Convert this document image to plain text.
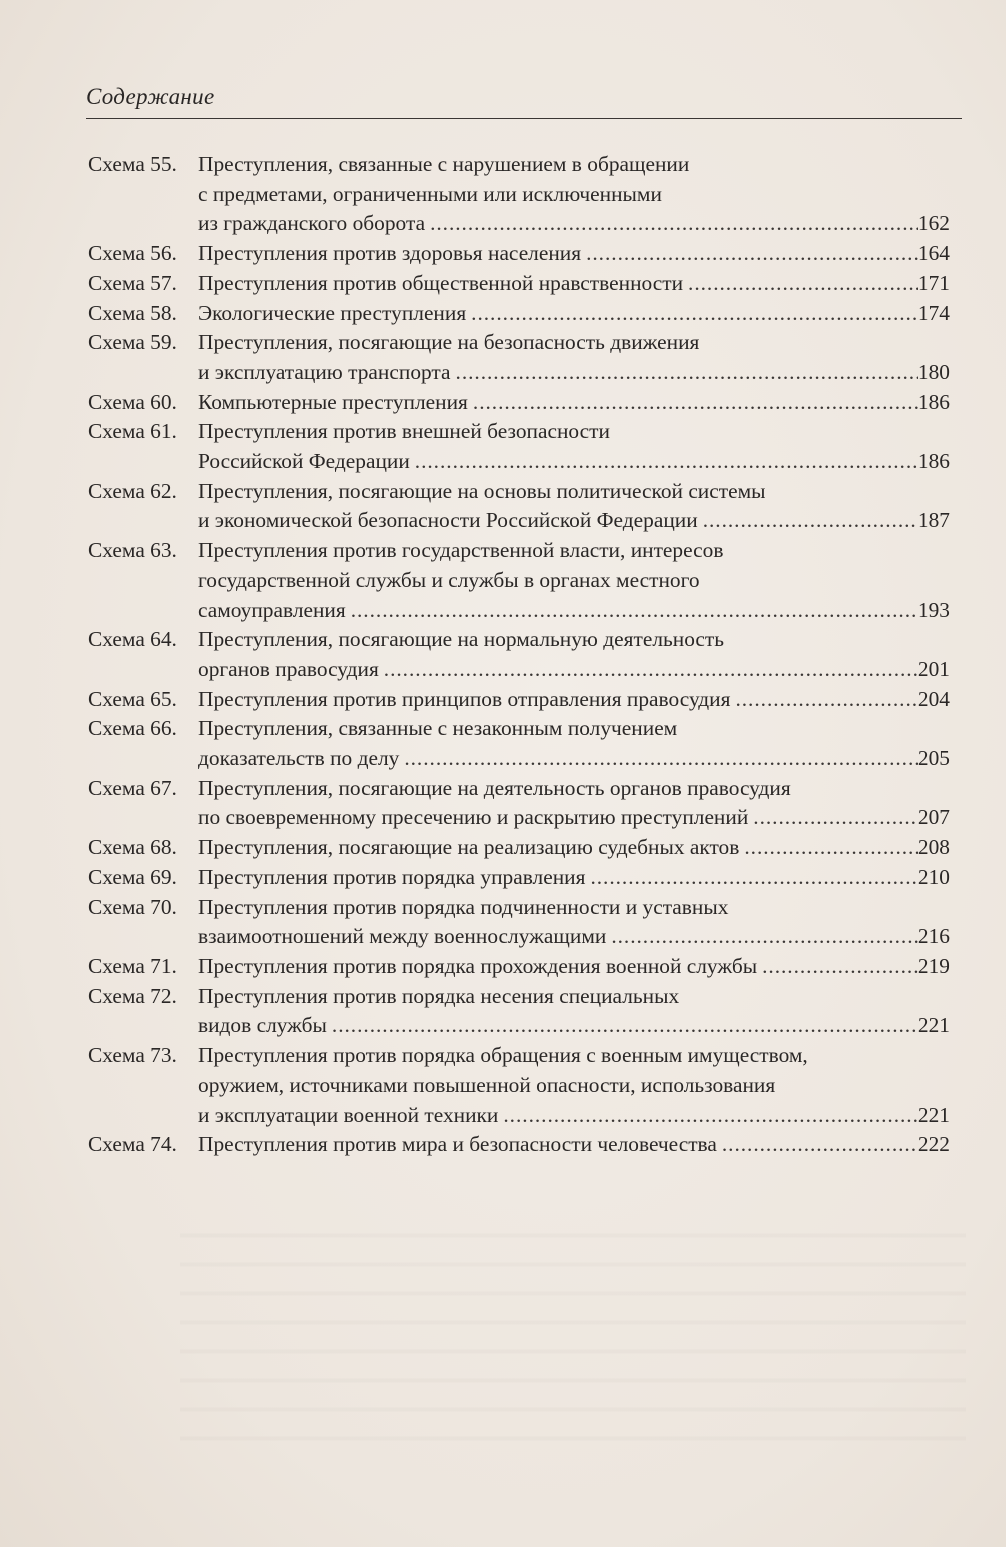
Содержание
Схема 55. Преступления, связанные с нарушением в обращении
с предметами, ограниченными или исключенными
из гражданского оборота . . .	162
Схема 56. Преступления против здоровья населения . . .	164
Схема 57. Преступления против общественной нравственности . . .	171
Схема 58. Экологические преступления . . .	174
Схема 59. Преступления, посягающие на безопасность движения
и эксплуатацию транспорта . . .	180
Схема 60. Компьютерные преступления . . .	186
Схема 61. Преступления против внешней безопасности
Российской Федерации . . .	186
Схема 62. Преступления, посягающие на основы политической системы
и экономической безопасности Российской Федерации . . .	187
Схема 63. Преступления против государственной власти, интересов
государственной службы и службы в органах местного
самоуправления . . .	193
Схема 64. Преступления, посягающие на нормальную деятельность
органов правосудия . . .	201
Схема 65. Преступления против принципов отправления правосудия . . .	204
Схема 66. Преступления, связанные с незаконным получением
доказательств по делу . . .	205
Схема 67. Преступления, посягающие на деятельность органов правосудия
по своевременному пресечению и раскрытию преступлений . . .	207
Схема 68. Преступления, посягающие на реализацию судебных актов . . .	208
Схема 69. Преступления против порядка управления . . .	210
Схема 70. Преступления против порядка подчиненности и уставных
взаимоотношений между военнослужащими . . .	216
Схема 71. Преступления против порядка прохождения военной службы . . .	219
Схема 72. Преступления против порядка несения специальных
видов службы . . .	221
Схема 73. Преступления против порядка обращения с военным имуществом,
оружием, источниками повышенной опасности, использования
и эксплуатации военной техники . . .	221
Схема 74. Преступления против мира и безопасности человечества . . .	222
